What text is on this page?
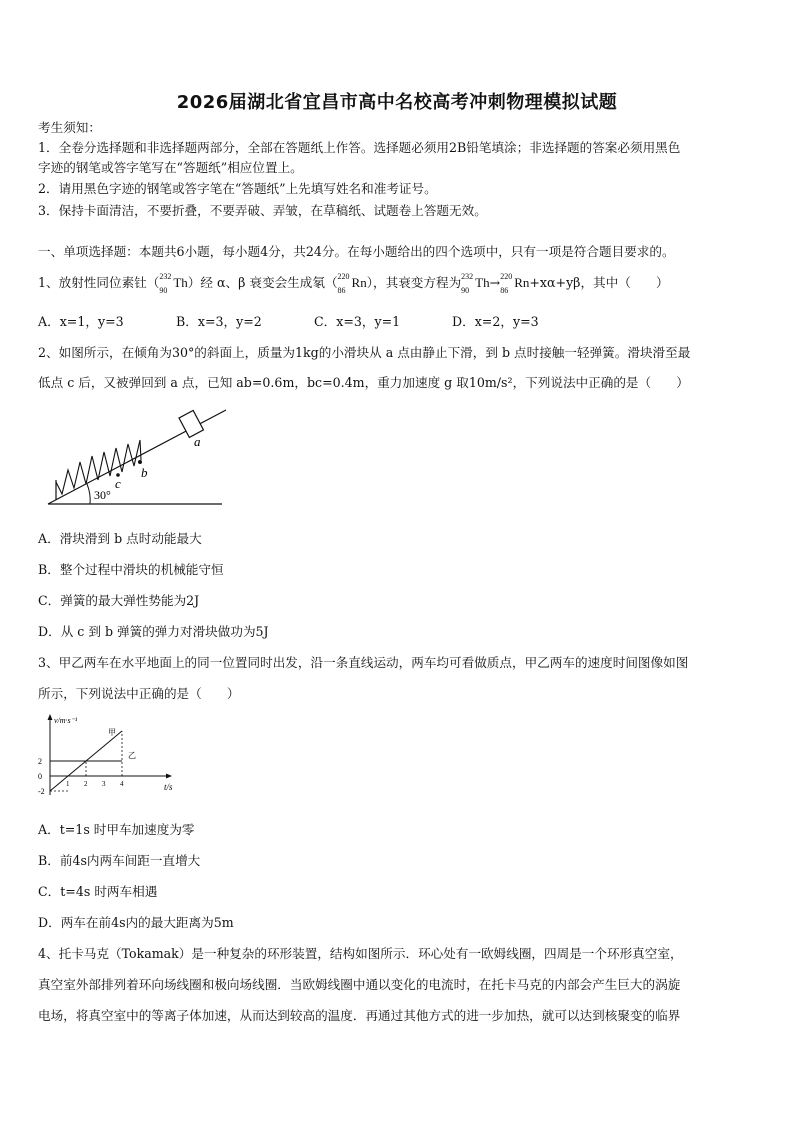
2026届湖北省宜昌市高中名校高考冲刺物理模拟试题
考生须知：
1．全卷分选择题和非选择题两部分，全部在答题纸上作答。选择题必须用2B铅笔填涂；非选择题的答案必须用黑色
字迹的钢笔或答字笔写在“答题纸”相应位置上。
2．请用黑色字迹的钢笔或答字笔在“答题纸”上先填写姓名和准考证号。
3．保持卡面清洁，不要折叠，不要弄破、弄皱，在草稿纸、试题卷上答题无效。
一、单项选择题：本题共6小题，每小题4分，共24分。在每小题给出的四个选项中，只有一项是符合题目要求的。
1、放射性同位素钍（ 232
90
Th）经 α、β 衰变会生成氡（ 220
86
Rn），其衰变方程为 232
90
Th→ 220
86
Rn+xα+yβ，其中（　　）
A．x=1，y=3	B．x=3，y=2	C．x=3，y=1	D．x=2，y=3
2、如图所示，在倾角为30°的斜面上，质量为1kg的小滑块从 a 点由静止下滑，到 b 点时接触一轻弹簧。滑块滑至最
低点 c 后，又被弹回到 a 点，已知 ab=0.6m，bc=0.4m，重力加速度 g 取10m/s²，下列说法中正确的是（　　）
30°
b
c
a
A．滑块滑到 b 点时动能最大
B．整个过程中滑块的机械能守恒
C．弹簧的最大弹性势能为2J
D．从 c 到 b 弹簧的弹力对滑块做功为5J
3、甲乙两车在水平地面上的同一位置同时出发，沿一条直线运动，两车均可看做质点，甲乙两车的速度时间图像如图
所示，下列说法中正确的是（　　）
v/m·s⁻¹
t/s
1 2 3 4
2
0
-2
甲
乙
A．t=1s 时甲车加速度为零
B．前4s内两车间距一直增大
C．t=4s 时两车相遇
D．两车在前4s内的最大距离为5m
4、托卡马克（Tokamak）是一种复杂的环形装置，结构如图所示．环心处有一欧姆线圈，四周是一个环形真空室，
真空室外部排列着环向场线圈和极向场线圈．当欧姆线圈中通以变化的电流时，在托卡马克的内部会产生巨大的涡旋
电场，将真空室中的等离子体加速，从而达到较高的温度．再通过其他方式的进一步加热，就可以达到核聚变的临界
